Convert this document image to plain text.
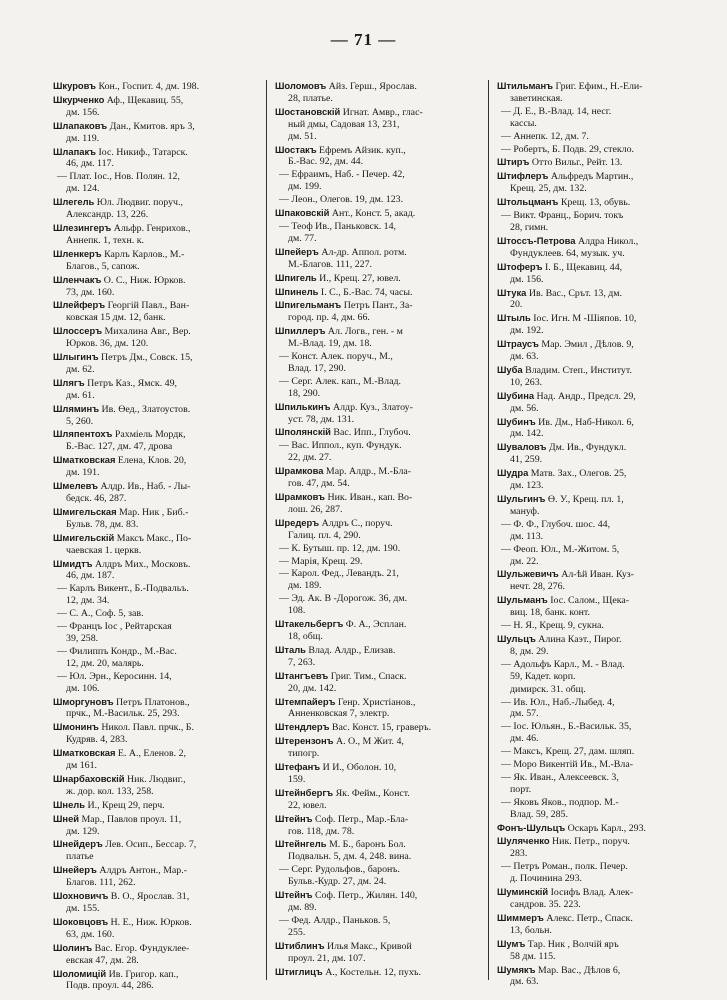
— 71 —
Шкуровъ Кон., Госпит. 4, дм. 198.
Шкурченко Аф., Щекавиц. 55,
дм. 156.
Шлапаковъ Дан., Кмитов. яръ 3,
дм. 119.
Шлапакъ Іос. Никиф., Татарск.
46, дм. 117.
— Плат. Іос., Нов. Полян. 12,
дм. 124.
Шлегель Юл. Людвиг. поруч.,
Александр. 13, 226.
Шлезингеръ Альфр. Генрихов.,
Аннепк. 1, техн. к.
Шленкеръ Карлъ Карлов., М.-
Благов., 5, сапож.
Шленчакъ О. С., Ниж. Юрков.
73, дм. 160.
Шлейферъ Георгій Павл., Ван-
ковская 15 дм. 12, банк.
Шлоссеръ Михалина Авг., Вер.
Юрков. 36, дм. 120.
Шлыгинъ Петръ Дм., Совск. 15,
дм. 62.
Шлягъ Петръ Каз., Ямск. 49,
дм. 61.
Шляминъ Ив. Өед., Златоустов.
5, 260.
Шляпентохъ Рахміель Мордк,
Б.-Вас. 127, дм. 47, дрова
Шматковская Елена, Клов. 20,
дм. 191.
Шмелевъ Алдр. Ив., Наб. - Лы-
бедск. 46, 287.
Шмигельская Мар. Ник , Биб.-
Бульв. 78, дм. 83.
Шмигельскій Максъ Макс., По-
чаевская 1. церкв.
Шмидтъ Алдръ Мих., Московъ.
46, дм. 187.
— Карлъ Викент., Б.-Подвальъ.
12, дм. 34.
— С. А., Соф. 5, зав.
— Францъ Іос , Рейтарская
39, 258.
— Филиппъ Кондр., М.-Вас.
12, дм. 20, малярь.
— Юл. Эрн., Керосинн. 14,
дм. 106.
Шморгуновъ Петръ Платонов.,
прчк., М.-Васильк. 25, 293.
Шмонинъ Никол. Павл. прчк., Б.
Кудряв. 4, 283.
Шматковская Е. А., Еленов. 2,
дм 161.
Шнарбаховскій Ник. Людвиг.,
ж. дор. кол. 133, 258.
Шнель И., Крещ 29, перч.
Шней Мар., Павлов проул. 11,
дм. 129.
Шнейдеръ Лев. Осип., Бессар. 7,
платье
Шнейеръ Алдръ Антон., Мар.-
Благов. 111, 262.
Шохновичъ В. О., Ярослав. 31,
дм. 155.
Шоковцовъ Н. Е., Ниж. Юрков.
63, дм. 160.
Шолинъ Вас. Егор. Фундуклее-
евская 47, дм. 28.
Шоломицій Ив. Григор. кап.,
Подв. проул. 44, 286.
Шоломовъ Айз. Герш., Ярослав.
28, платье.
Шостановскій Игнат. Амвр., глас-
ный дмы, Садовая 13, 231,
дм. 51.
Шостакъ Ефремъ Айзик. куп.,
Б.-Вас. 92, дм. 44.
— Ефраимъ, Наб. - Печер. 42,
дм. 199.
— Леон., Олегов. 19, дм. 123.
Шпаковскій Ант., Конст. 5, акад.
— Теоф Ив., Паньковск. 14,
дм. 77.
Шпейеръ Ал-др. Аппол. ротм.
М.-Благов. 111, 227.
Шпигель И., Крещ. 27, ювел.
Шпинель І. С., Б.-Вас. 74, часы.
Шпигельманъ Петръ Пант., За-
город. пр. 4, дм. 66.
Шпиллеръ Ал. Логв., ген. - м
М.-Влад. 19, дм. 18.
— Конст. Алек. поруч., М.,
Влад. 17, 290.
— Серг. Алек. кап., М.-Влад.
18, 290.
Шпилькинъ Алдр. Куз., Златоу-
уст. 78, дм. 131.
Шполянскій Вас. Ипп., Глубоч.
— Вас. Иппол., куп. Фундук.
22, дм. 27.
Шрамкова Мар. Алдр., М.-Бла-
гов. 47, дм. 54.
Шрамковъ Ник. Иван., кап. Во-
лош. 26, 287.
Шредеръ Алдръ С., поруч.
Галиц. пл. 4, 290.
— К. Бутыш. пр. 12, дм. 190.
— Марія, Крещ. 29.
— Карол. Фед., Левандъ. 21,
дм. 189.
— Эд. Ак. В -Дорогож. 36, дм.
108.
Штакельбергъ Ф. А., Эсплан.
18, общ.
Шталь Влад. Алдр., Елизав.
7, 263.
Штангъевъ Григ. Тим., Спаск.
20, дм. 142.
Штемпайеръ Генр. Христіанов.,
Анненковская 7, электр.
Штендлеръ Вас. Конст. 15, граверъ.
Штерензонъ А. О., М Жит. 4,
типогр.
Штефанъ И И., Оболон. 10,
159.
Штейнбергъ Як. Фейм., Конст.
22, ювел.
Штейнъ Соф. Петр., Мар.-Бла-
гов. 118, дм. 78.
Штейнгель М. Б., баронъ Бол.
Подвальн. 5, дм. 4, 248. вина.
— Серг. Рудольфов., баронъ.
Бульв.-Кудр. 27, дм. 24.
Штейнъ Соф. Петр., Жилян. 140,
дм. 89.
— Фед. Алдр., Паньков. 5,
255.
Штиблинъ Илья Макс., Кривой
проул. 21, дм. 107.
Штиглицъ А., Костельн. 12, пухъ.
Штильманъ Григ. Ефим., Н.-Ели-
заветинская.
— Д. Е., В.-Влад. 14, несг.
кассы.
— Аннепк. 12, дм. 7.
— Робертъ, Б. Подв. 29, стекло.
Штиръ Отто Вильг., Рейт. 13.
Штифлеръ Альфредъ Мартин.,
Крещ. 25, дм. 132.
Штольцманъ Крещ. 13, обувь.
— Викт. Франц., Борич. токъ
28, гимн.
Штоссъ-Петрова Алдра Никол.,
Фундуклеев. 64, музык. уч.
Штоферъ І. Б., Щекавиц. 44,
дм. 156.
Штука Ив. Вас., Срът. 13, дм.
20.
Штыль Іос. Игн. М -Шіяпов. 10,
дм. 192.
Штраусъ Мар. Эмил , Дѣлов. 9,
дм. 63.
Шуба Владим. Степ., Институт.
10, 263.
Шубина Над. Андр., Предсл. 29,
дм. 56.
Шубинъ Ив. Дм., Наб-Никол. 6,
дм. 142.
Шуваловъ Дм. Ив., Фундукл.
41, 259.
Шудра Матв. Зах., Олегов. 25,
дм. 123.
Шульгинъ Ө. У., Крещ. пл. 1,
мануф.
— Ф. Ф., Глубоч. шос. 44,
дм. 113.
— Феоп. Юл., М.-Житом. 5,
дм. 22.
Шульжевичъ Ал-ѣй Иван. Куз-
нечт. 28, 276.
Шульманъ Іос. Салом., Щека-
виц. 18, банк. конт.
— Н. Я., Крещ. 9, сукна.
Шульцъ Алина Каэт., Пирог.
8, дм. 29.
— Адольфъ Карл., М. - Влад.
59, Кадет. корп.
димирск. 31. общ.
— Ив. Юл., Наб.-Лыбед. 4,
дм. 57.
— Іос. Юльян., Б.-Васильк. 35,
дм. 46.
— Максъ, Крещ. 27, дам. шляп.
— Моро Викентій Ив., М.-Вла-
— Як. Иван., Алексеевск. 3,
порт.
— Яковъ Яков., подпор. М.-
Влад. 59, 285.
Фонъ-Шульцъ Оскаръ Карл., 293.
Шуляченко Ник. Петр., поруч.
283.
— Петръ Роман., полк. Печер.
д. Почининa 293.
Шуминскій Іосифъ Влад. Алек-
сандров. 35. 223.
Шиммеръ Алекс. Петр., Спаск.
13, больн.
Шумъ Тар. Ник , Волчій яръ
58 дм. 115.
Шумякъ Мар. Вас., Дѣлов 6,
дм. 63.
